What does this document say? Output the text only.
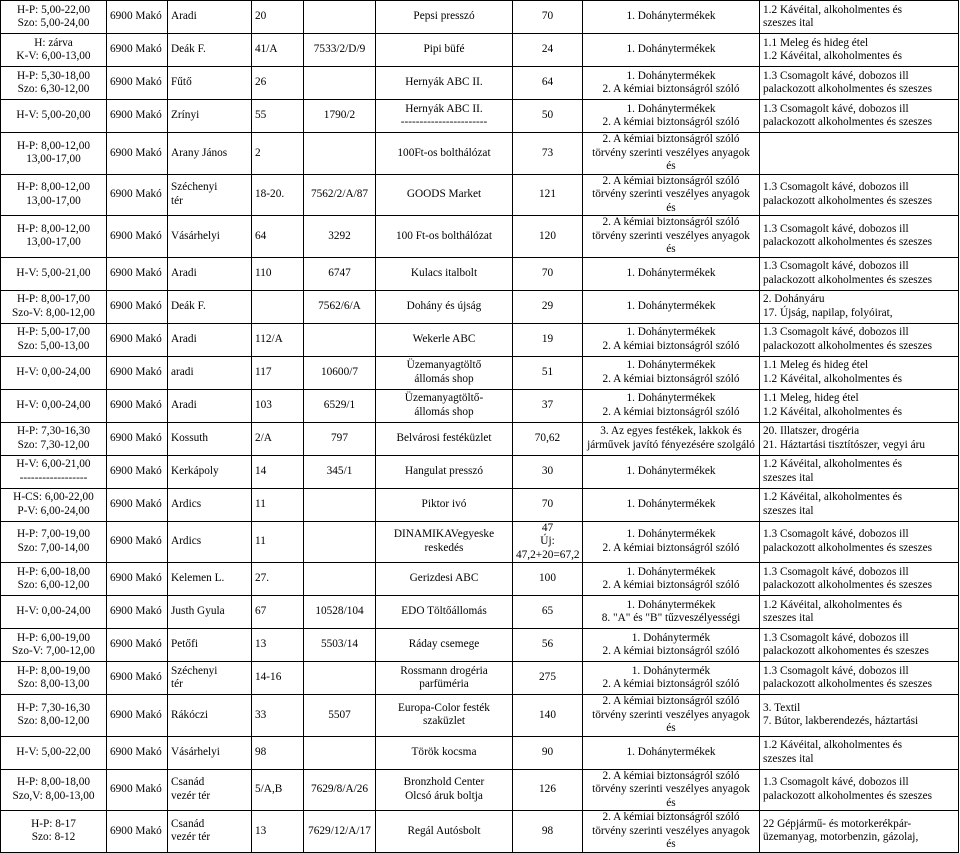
H-P: 5,00-22,00
Szo: 5,00-24,00	6900 Makó	Aradi	20		Pepsi presszó	70	1. Dohánytermékek	1.2 Kávéital, alkoholmentes és
szeszes ital
H: zárva
K-V: 6,00-13,00	6900 Makó	Deák F.	41/A	7533/2/D/9	Pipi büfé	24	1. Dohánytermékek	1.1 Meleg és hideg étel
1.2 Kávéital, alkoholmentes és
H-P: 5,30-18,00
Szo: 6,30-12,00	6900 Makó	Fűtő	26		Hernyák ABC II.	64	1. Dohánytermékek
2. A kémiai biztonságról szóló	1.3 Csomagolt kávé, dobozos ill
palackozott alkoholmentes és szeszes
H-V: 5,00-20,00	6900 Makó	Zrínyi	55	1790/2	Hernyák ABC II.
-----------------------	50	1. Dohánytermékek
2. A kémiai biztonságról szóló	1.3 Csomagolt kávé, dobozos ill
palackozott alkoholmentes és szeszes
H-P: 8,00-12,00
13,00-17,00	6900 Makó	Arany János	2		100Ft-os bolthálózat	73	2. A kémiai biztonságról szóló
törvény szerinti veszélyes anyagok és	
H-P: 8,00-12,00
13,00-17,00	6900 Makó	Széchenyi
tér	18-20.	7562/2/A/87	GOODS Market	121	2. A kémiai biztonságról szóló
törvény szerinti veszélyes anyagok és	1.3 Csomagolt kávé, dobozos ill
palackozott alkoholmentes és szeszes
H-P: 8,00-12,00
13,00-17,00	6900 Makó	Vásárhelyi	64	3292	100 Ft-os bolthálózat	120	2. A kémiai biztonságról szóló
törvény szerinti veszélyes anyagok és	1.3 Csomagolt kávé, dobozos ill
palackozott alkoholmentes és szeszes
H-V: 5,00-21,00	6900 Makó	Aradi	110	6747	Kulacs italbolt	70	1. Dohánytermékek	1.3 Csomagolt kávé, dobozos ill
palackozott alkoholmentes és szeszes
H-P: 8,00-17,00
Szo-V: 8,00-12,00	6900 Makó	Deák F.		7562/6/A	Dohány és újság	29	1. Dohánytermékek	2. Dohányáru
17. Újság, napilap, folyóirat,
H-P: 5,00-17,00
Szo: 5,00-13,00	6900 Makó	Aradi	112/A		Wekerle ABC	19	1. Dohánytermékek
2. A kémiai biztonságról szóló	1.3 Csomagolt kávé, dobozos ill
palackozott alkoholmentes és szeszes
H-V: 0,00-24,00	6900 Makó	aradi	117	10600/7	Üzemanyagtöltő
állomás shop	51	1. Dohánytermékek
2. A kémiai biztonságról szóló	1.1 Meleg és hideg étel
1.2 Kávéital, alkoholmentes és
H-V: 0,00-24,00	6900 Makó	Aradi	103	6529/1	Üzemanyagtöltő-
állomás shop	37	1. Dohánytermékek
2. A kémiai biztonságról szóló	1.1 Meleg, hideg étel
1.2 Kávéital, alkoholmentes és
H-P: 7,30-16,30
Szo: 7,30-12,00	6900 Makó	Kossuth	2/A	797	Belvárosi festéküzlet	70,62	3. Az egyes festékek, lakkok és
járművek javító fényezésére szolgáló	20. Illatszer, drogéria
21. Háztartási tisztítószer, vegyi áru
H-V: 6,00-21,00
------------------	6900 Makó	Kerkápoly	14	345/1	Hangulat presszó	30	1. Dohánytermékek	1.2 Kávéital, alkoholmentes és
szeszes ital
H-CS: 6,00-22,00
P-V: 6,00-24,00	6900 Makó	Ardics	11		Piktor ivó	70	1. Dohánytermékek	1.2 Kávéital, alkoholmentes és
szeszes ital
H-P: 7,00-19,00
Szo: 7,00-14,00	6900 Makó	Ardics	11		DINAMIKAVegyeske
reskedés	47
Új: 47,2+20=67,2	1. Dohánytermékek
2. A kémiai biztonságról szóló	1.3 Csomagolt kávé, dobozos ill
palackozott alkoholmentes és szeszes
H-P: 6,00-18,00
Szo: 6,00-12,00	6900 Makó	Kelemen L.	27.		Gerizdesi ABC	100	1. Dohánytermékek
2. A kémiai biztonságról szóló	1.3 Csomagolt kávé, dobozos ill
palackozott alkoholmentes és szeszes
H-V: 0,00-24,00	6900 Makó	Justh Gyula	67	10528/104	EDO Töltőállomás	65	1. Dohánytermékek
8. "A" és "B" tűzveszélyességi	1.2 Kávéital, alkoholmentes és
szeszes ital
H-P: 6,00-19,00
Szo-V: 7,00-12,00	6900 Makó	Petőfi	13	5503/14	Ráday csemege	56	1. Dohánytermék
2. A kémiai biztonságról szóló	1.3 Csomagolt kávé, dobozos ill
palackozott alkohomentes és szeszes
H-P: 8,00-19,00
Szo: 8,00-13,00	6900 Makó	Széchenyi
tér	14-16		Rossmann drogéria
parfüméria	275	1. Dohánytermék
2. A kémiai biztonságról szóló	1.3 Csomagolt kávé, dobozos ill
palackozott alkoholmentes és szeszes
H-P: 7,30-16,30
Szo: 8,00-12,00	6900 Makó	Rákóczi	33	5507	Europa-Color festék
szaküzlet	140	2. A kémiai biztonságról szóló
törvény szerinti veszélyes anyagok és	3. Textil
7. Bútor, lakberendezés, háztartási
H-V: 5,00-22,00	6900 Makó	Vásárhelyi	98		Török kocsma	90	1. Dohánytermékek	1.2 Kávéital, alkoholmentes és
szeszes ital
H-P: 8,00-18,00
Szo,V: 8,00-13,00	6900 Makó	Csanád
vezér tér	5/A,B	7629/8/A/26	Bronzhold Center
Olcsó áruk boltja	126	2. A kémiai biztonságról szóló
törvény szerinti veszélyes anyagok és	1.3 Csomagolt kávé, dobozos ill
palackozott alkoholmentes és szeszes
H-P: 8-17
Szo: 8-12	6900 Makó	Csanád
vezér tér	13	7629/12/A/17	Regál Autósbolt	98	2. A kémiai biztonságról szóló
törvény szerinti veszélyes anyagok és	22 Gépjármű- és motorkerékpár-
üzemanyag, motorbenzin, gázolaj,
